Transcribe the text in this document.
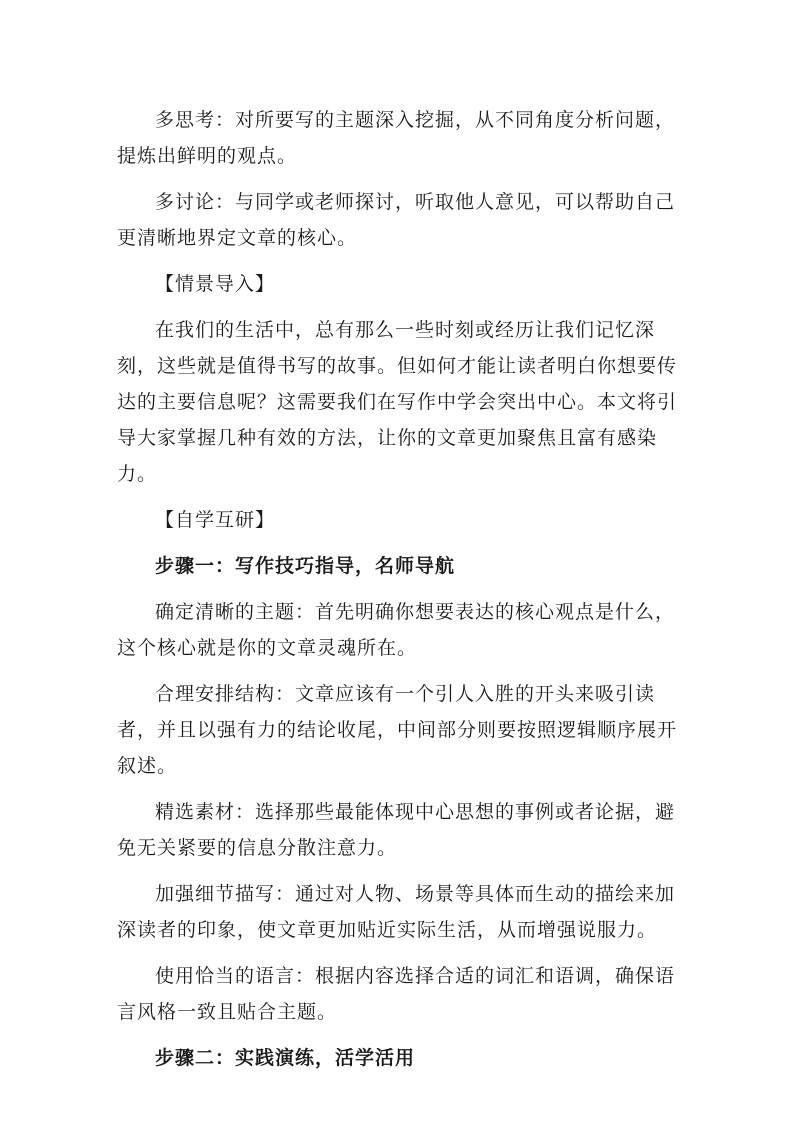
多思考：对所要写的主题深入挖掘，从不同角度分析问题，提炼出鲜明的观点。

多讨论：与同学或老师探讨，听取他人意见，可以帮助自己更清晰地界定文章的核心。

【情景导入】

在我们的生活中，总有那么一些时刻或经历让我们记忆深刻，这些就是值得书写的故事。但如何才能让读者明白你想要传达的主要信息呢？这需要我们在写作中学会突出中心。本文将引导大家掌握几种有效的方法，让你的文章更加聚焦且富有感染力。

【自学互研】

步骤一：写作技巧指导，名师导航

确定清晰的主题：首先明确你想要表达的核心观点是什么，这个核心就是你的文章灵魂所在。

合理安排结构：文章应该有一个引人入胜的开头来吸引读者，并且以强有力的结论收尾，中间部分则要按照逻辑顺序展开叙述。

精选素材：选择那些最能体现中心思想的事例或者论据，避免无关紧要的信息分散注意力。

加强细节描写：通过对人物、场景等具体而生动的描绘来加深读者的印象，使文章更加贴近实际生活，从而增强说服力。

使用恰当的语言：根据内容选择合适的词汇和语调，确保语言风格一致且贴合主题。

步骤二：实践演练，活学活用
